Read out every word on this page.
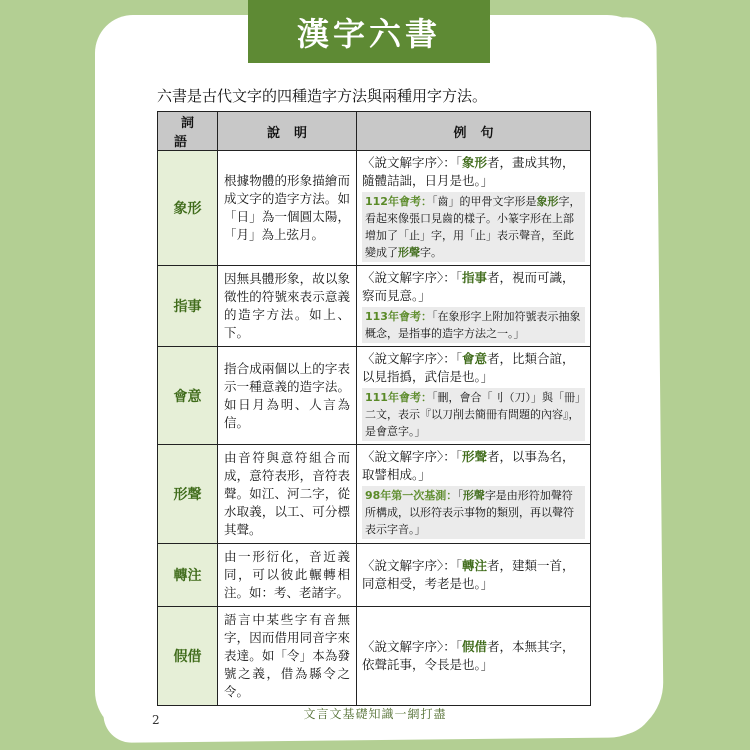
漢字六書
六書是古代文字的四種造字方法與兩種用字方法。
詞語	說明	例句
象形	根據物體的形象描繪而成文字的造字方法。如「日」為一個圓太陽，「月」為上弦月。	〈說文解字序〉：「象形者，畫成其物，隨體詰詘，日月是也。」
112年會考：「齒」的甲骨文字形是象形字，看起來像張口見齒的樣子。小篆字形在上部增加了「止」字，用「止」表示聲音，至此變成了形聲字。

指事	因無具體形象，故以象徵性的符號來表示意義的造字方法。如上、下。	〈說文解字序〉：「指事者，視而可識，察而見意。」
113年會考：「在象形字上附加符號表示抽象概念，是指事的造字方法之一。」

會意	指合成兩個以上的字表示一種意義的造字法。如日月為明、人言為信。	〈說文解字序〉：「會意者，比類合誼，以見指撝，武信是也。」
111年會考：「刪，會合「刂（刀）」與「冊」二文，表示『以刀削去簡冊有問題的內容』，是會意字。」

形聲	由音符與意符組合而成，意符表形，音符表聲。如江、河二字，從水取義，以工、可分標其聲。	〈說文解字序〉：「形聲者，以事為名，取譬相成。」
98年第一次基測：「形聲字是由形符加聲符所構成，以形符表示事物的類別，再以聲符表示字音。」

轉注	由一形衍化，音近義同，可以彼此輾轉相注。如：考、老諸字。	〈說文解字序〉：「轉注者，建類一首，同意相受，考老是也。」

假借	語言中某些字有音無字，因而借用同音字來表達。如「令」本為發號之義，借為縣令之令。	〈說文解字序〉：「假借者，本無其字，依聲託事，令長是也。」
2	文言文基礎知識一網打盡
